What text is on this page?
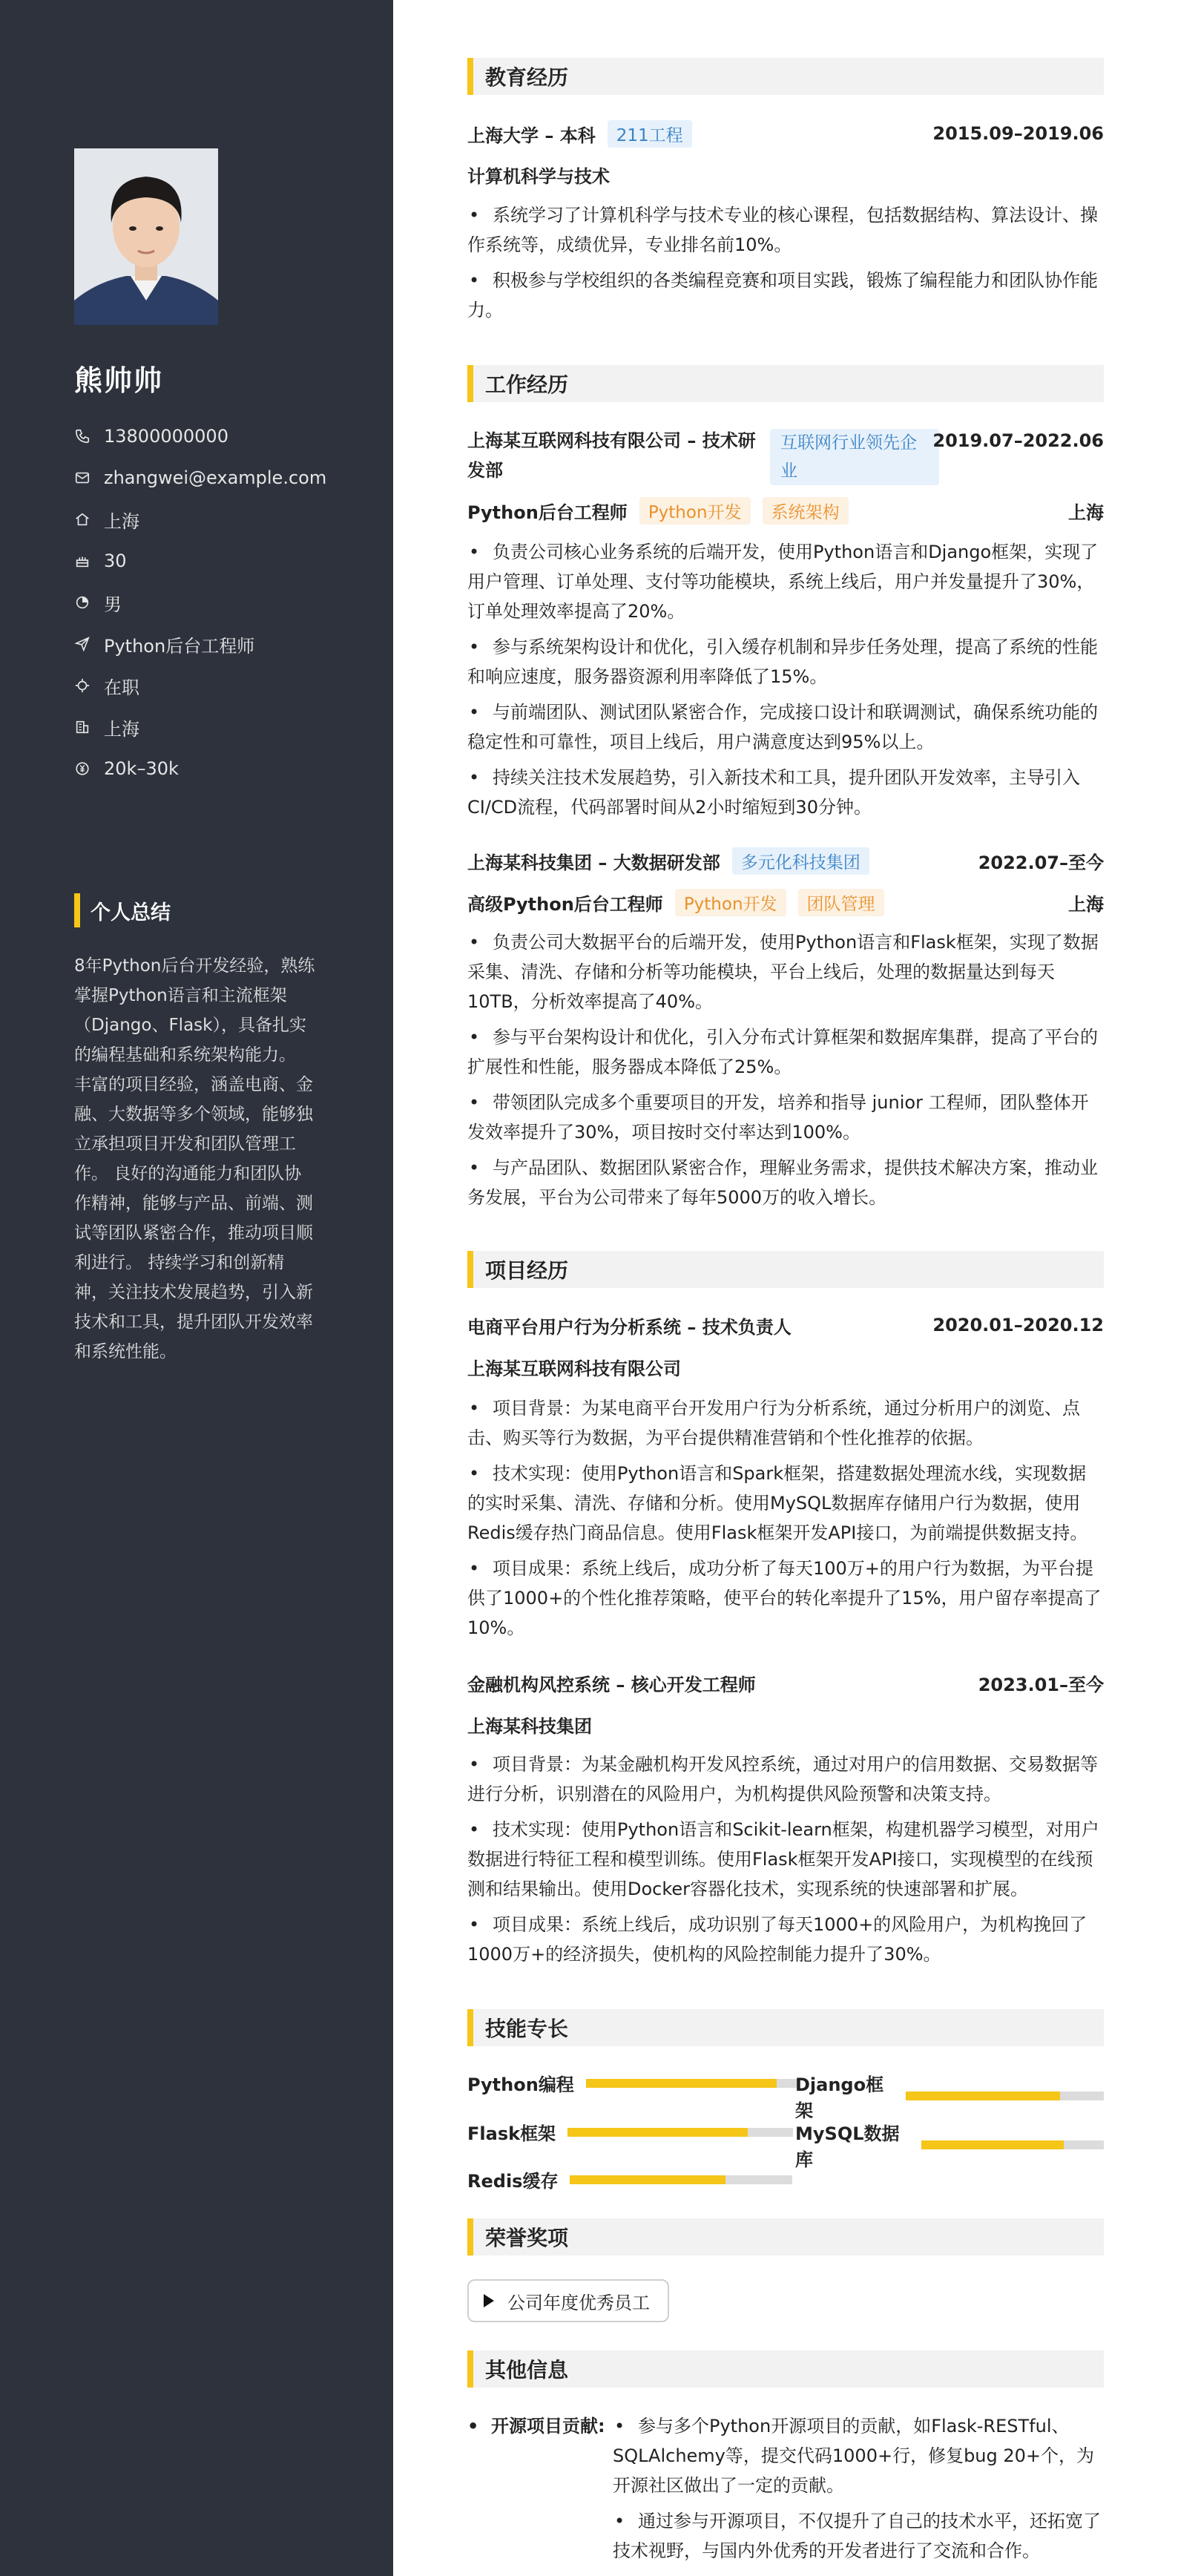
熊帅帅
13800000000
zhangwei@example.com
上海
30
男
Python后台工程师
在职
上海
20k–30k
个人总结
8年Python后台开发经验，熟练掌握Python语言和主流框架（Django、Flask），具备扎实的编程基础和系统架构能力。 丰富的项目经验，涵盖电商、金融、大数据等多个领域，能够独立承担项目开发和团队管理工作。 良好的沟通能力和团队协作精神，能够与产品、前端、测试等团队紧密合作，推动项目顺利进行。 持续学习和创新精神，关注技术发展趋势，引入新技术和工具，提升团队开发效率和系统性能。
教育经历
上海大学 – 本科	211工程	2015.09–2019.06
计算机科学与技术
• 系统学习了计算机科学与技术专业的核心课程，包括数据结构、算法设计、操作系统等，成绩优异，专业排名前10%。
• 积极参与学校组织的各类编程竞赛和项目实践，锻炼了编程能力和团队协作能力。
工作经历
上海某互联网科技有限公司 – 技术研
发部
互联网行业领先企
业
2019.07–2022.06
Python后台工程师	Python开发	系统架构	上海
• 负责公司核心业务系统的后端开发，使用Python语言和Django框架，实现了用户管理、订单处理、支付等功能模块，系统上线后，用户并发量提升了30%，订单处理效率提高了20%。
• 参与系统架构设计和优化，引入缓存机制和异步任务处理，提高了系统的性能和响应速度，服务器资源利用率降低了15%。
• 与前端团队、测试团队紧密合作，完成接口设计和联调测试，确保系统功能的稳定性和可靠性，项目上线后，用户满意度达到95%以上。
• 持续关注技术发展趋势，引入新技术和工具，提升团队开发效率，主导引入CI/CD流程，代码部署时间从2小时缩短到30分钟。
上海某科技集团 – 大数据研发部	多元化科技集团	2022.07–至今
高级Python后台工程师	Python开发	团队管理	上海
• 负责公司大数据平台的后端开发，使用Python语言和Flask框架，实现了数据采集、清洗、存储和分析等功能模块，平台上线后，处理的数据量达到每天10TB，分析效率提高了40%。
• 参与平台架构设计和优化，引入分布式计算框架和数据库集群，提高了平台的扩展性和性能，服务器成本降低了25%。
• 带领团队完成多个重要项目的开发，培养和指导 junior 工程师，团队整体开发效率提升了30%，项目按时交付率达到100%。
• 与产品团队、数据团队紧密合作，理解业务需求，提供技术解决方案，推动业务发展，平台为公司带来了每年5000万的收入增长。
项目经历
电商平台用户行为分析系统 – 技术负责人	2020.01–2020.12
上海某互联网科技有限公司
• 项目背景：为某电商平台开发用户行为分析系统，通过分析用户的浏览、点击、购买等行为数据，为平台提供精准营销和个性化推荐的依据。
• 技术实现：使用Python语言和Spark框架，搭建数据处理流水线，实现数据的实时采集、清洗、存储和分析。使用MySQL数据库存储用户行为数据，使用Redis缓存热门商品信息。使用Flask框架开发API接口，为前端提供数据支持。
• 项目成果：系统上线后，成功分析了每天100万+的用户行为数据，为平台提供了1000+的个性化推荐策略，使平台的转化率提升了15%，用户留存率提高了10%。
金融机构风控系统 – 核心开发工程师	2023.01–至今
上海某科技集团
• 项目背景：为某金融机构开发风控系统，通过对用户的信用数据、交易数据等进行分析，识别潜在的风险用户，为机构提供风险预警和决策支持。
• 技术实现：使用Python语言和Scikit-learn框架，构建机器学习模型，对用户数据进行特征工程和模型训练。使用Flask框架开发API接口，实现模型的在线预测和结果输出。使用Docker容器化技术，实现系统的快速部署和扩展。
• 项目成果：系统上线后，成功识别了每天1000+的风险用户，为机构挽回了1000万+的经济损失，使机构的风险控制能力提升了30%。
技能专长
Python编程	Django框架
Flask框架	MySQL数据库
Redis缓存
荣誉奖项
公司年度优秀员工
其他信息
• 开源项目贡献: • 参与多个Python开源项目的贡献，如Flask-RESTful、SQLAlchemy等，提交代码1000+行，修复bug 20+个，为开源社区做出了一定的贡献。
• 通过参与开源项目，不仅提升了自己的技术水平，还拓宽了技术视野，与国内外优秀的开发者进行了交流和合作。
